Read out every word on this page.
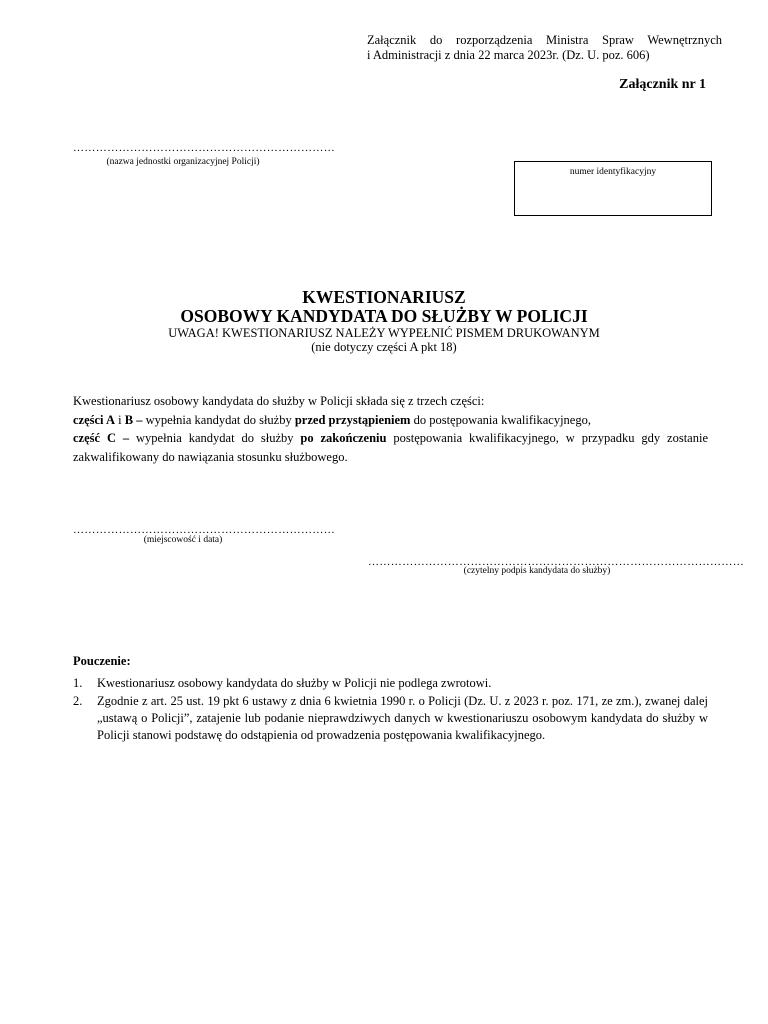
Załącznik do rozporządzenia Ministra Spraw Wewnętrznych
i Administracji z dnia 22 marca 2023r. (Dz. U. poz. 606)
Załącznik nr 1
……………………………………………………………
(nazwa jednostki organizacyjnej Policji)
numer identyfikacyjny
KWESTIONARIUSZ
OSOBOWY KANDYDATA DO SŁUŻBY W POLICJI
UWAGA! KWESTIONARIUSZ NALEŻY WYPEŁNIĆ PISMEM DRUKOWANYM
(nie dotyczy części A pkt 18)

Kwestionariusz osobowy kandydata do służby w Policji składa się z trzech części:

części A i B – wypełnia kandydat do służby przed przystąpieniem do postępowania kwalifikacyjnego,

część C – wypełnia kandydat do służby po zakończeniu postępowania kwalifikacyjnego, w przypadku gdy zostanie zakwalifikowany do nawiązania stosunku służbowego.

……………………………………………………………
(miejscowość i data)
………………………………………………………………………………………
(czytelny podpis kandydata do służby)
Pouczenie:
1. Kwestionariusz osobowy kandydata do służby w Policji nie podlega zwrotowi.
2. Zgodnie z art. 25 ust. 19 pkt 6 ustawy z dnia 6 kwietnia 1990 r. o Policji (Dz. U. z 2023 r. poz. 171, ze zm.), zwanej dalej „ustawą o Policji”, zatajenie lub podanie nieprawdziwych danych w kwestionariuszu osobowym kandydata do służby w Policji stanowi podstawę do odstąpienia od prowadzenia postępowania kwalifikacyjnego.
